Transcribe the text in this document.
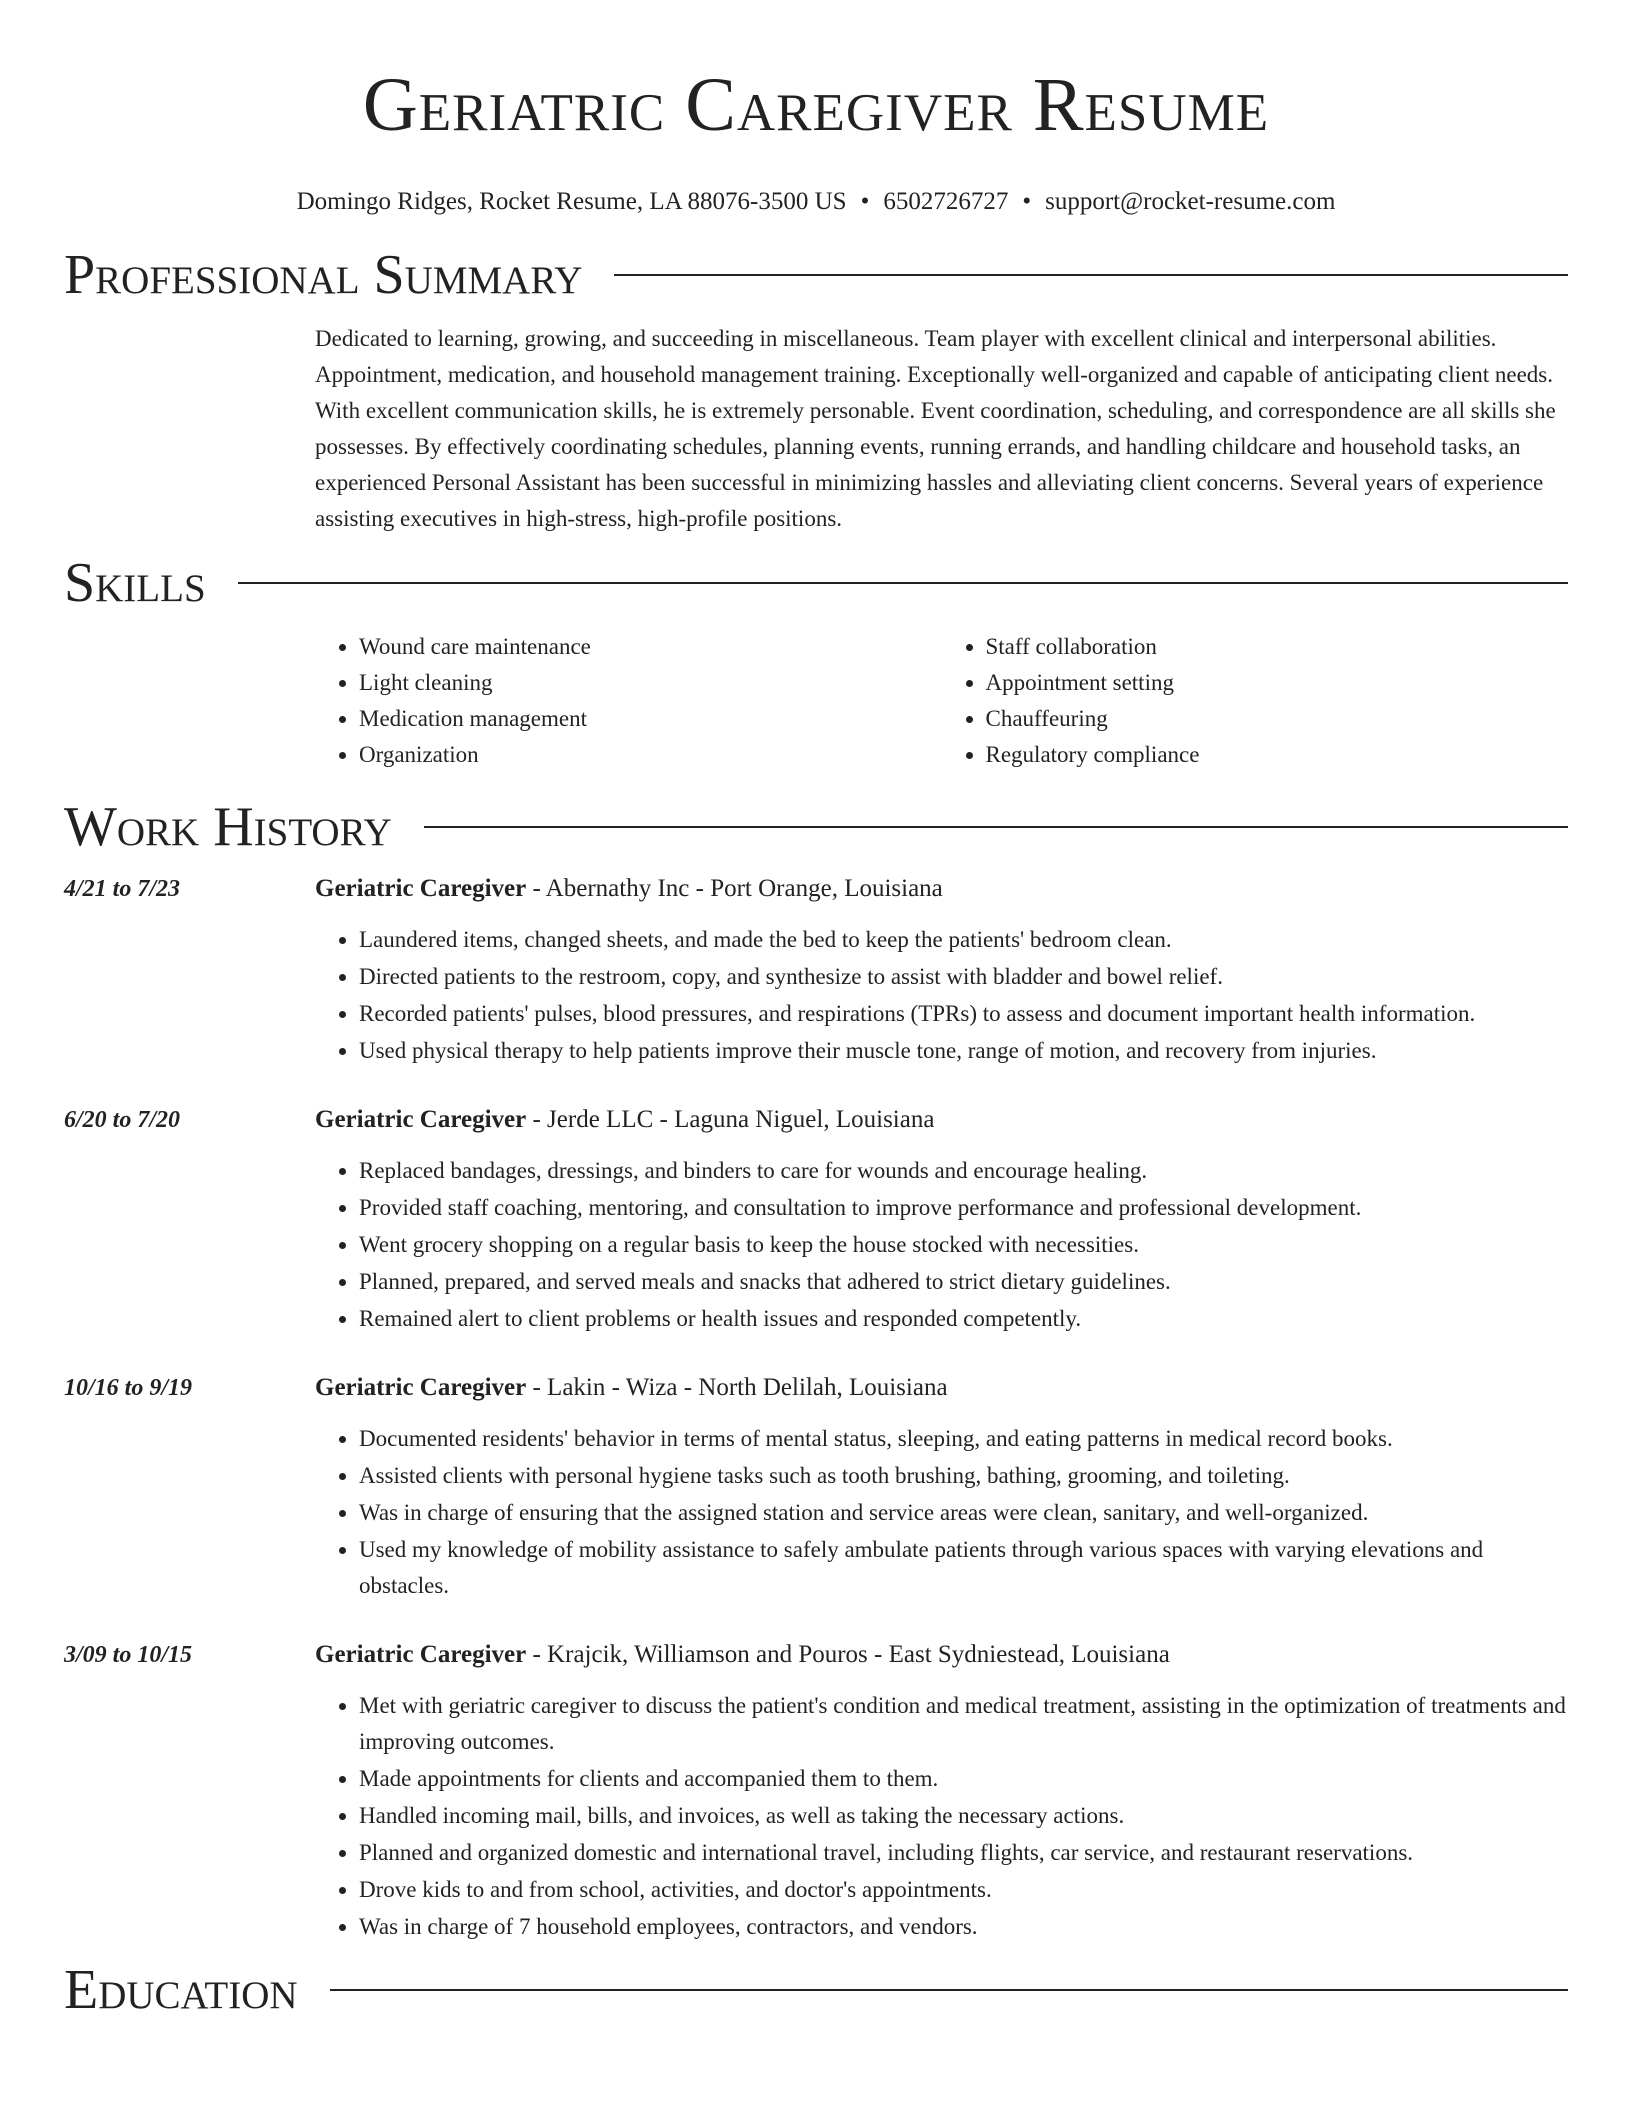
Geriatric Caregiver Resume
Domingo Ridges, Rocket Resume, LA 88076-3500 US • 6502726727 • support@rocket-resume.com
Professional Summary

Dedicated to learning, growing, and succeeding in miscellaneous. Team player with excellent clinical and interpersonal abilities. Appointment, medication, and household management training. Exceptionally well-organized and capable of anticipating client needs. With excellent communication skills, he is extremely personable. Event coordination, scheduling, and correspondence are all skills she possesses. By effectively coordinating schedules, planning events, running errands, and handling childcare and household tasks, an experienced Personal Assistant has been successful in minimizing hassles and alleviating client concerns. Several years of experience assisting executives in high-stress, high-profile positions.

Skills
• Wound care maintenance
• Light cleaning
• Medication management
• Organization
• Staff collaboration
• Appointment setting
• Chauffeuring
• Regulatory compliance
Work History
4/21 to 7/23	Geriatric Caregiver - Abernathy Inc - Port Orange, Louisiana
• Laundered items, changed sheets, and made the bed to keep the patients' bedroom clean.
• Directed patients to the restroom, copy, and synthesize to assist with bladder and bowel relief.
• Recorded patients' pulses, blood pressures, and respirations (TPRs) to assess and document important health information.
• Used physical therapy to help patients improve their muscle tone, range of motion, and recovery from injuries.
6/20 to 7/20	Geriatric Caregiver - Jerde LLC - Laguna Niguel, Louisiana
• Replaced bandages, dressings, and binders to care for wounds and encourage healing.
• Provided staff coaching, mentoring, and consultation to improve performance and professional development.
• Went grocery shopping on a regular basis to keep the house stocked with necessities.
• Planned, prepared, and served meals and snacks that adhered to strict dietary guidelines.
• Remained alert to client problems or health issues and responded competently.
10/16 to 9/19	Geriatric Caregiver - Lakin - Wiza - North Delilah, Louisiana
• Documented residents' behavior in terms of mental status, sleeping, and eating patterns in medical record books.
• Assisted clients with personal hygiene tasks such as tooth brushing, bathing, grooming, and toileting.
• Was in charge of ensuring that the assigned station and service areas were clean, sanitary, and well-organized.
• Used my knowledge of mobility assistance to safely ambulate patients through various spaces with varying elevations and obstacles.
3/09 to 10/15	Geriatric Caregiver - Krajcik, Williamson and Pouros - East Sydniestead, Louisiana
• Met with geriatric caregiver to discuss the patient's condition and medical treatment, assisting in the optimization of treatments and improving outcomes.
• Made appointments for clients and accompanied them to them.
• Handled incoming mail, bills, and invoices, as well as taking the necessary actions.
• Planned and organized domestic and international travel, including flights, car service, and restaurant reservations.
• Drove kids to and from school, activities, and doctor's appointments.
• Was in charge of 7 household employees, contractors, and vendors.
Education
